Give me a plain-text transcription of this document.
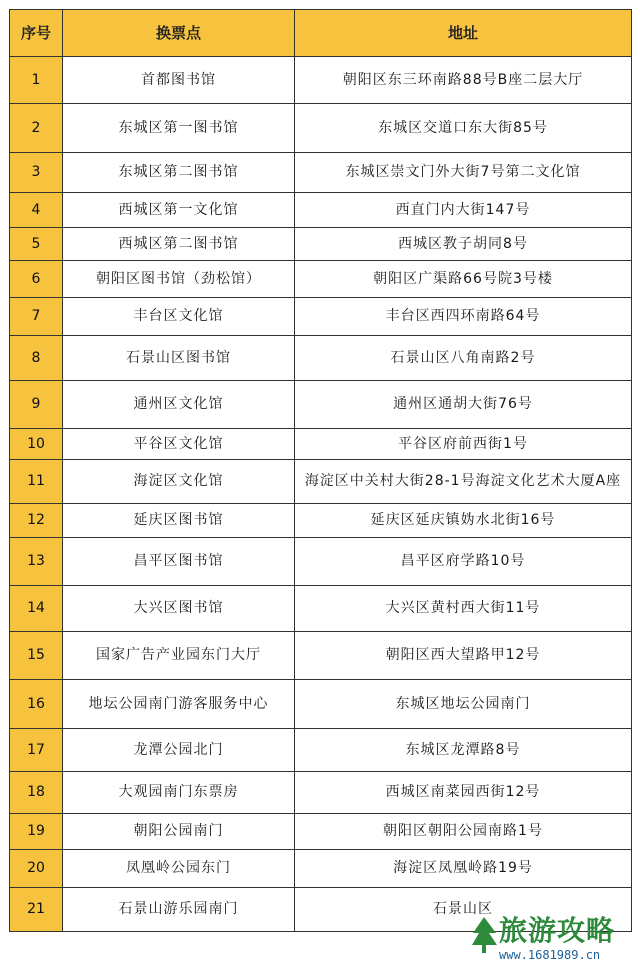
序号	换票点	地址
1	首都图书馆	朝阳区东三环南路88号B座二层大厅
2	东城区第一图书馆	东城区交道口东大街85号
3	东城区第二图书馆	东城区崇文门外大街7号第二文化馆
4	西城区第一文化馆	西直门内大街147号
5	西城区第二图书馆	西城区教子胡同8号
6	朝阳区图书馆（劲松馆）	朝阳区广渠路66号院3号楼
7	丰台区文化馆	丰台区西四环南路64号
8	石景山区图书馆	石景山区八角南路2号
9	通州区文化馆	通州区通胡大街76号
10	平谷区文化馆	平谷区府前西街1号
11	海淀区文化馆	海淀区中关村大街28-1号海淀文化艺术大厦A座
12	延庆区图书馆	延庆区延庆镇妫水北街16号
13	昌平区图书馆	昌平区府学路10号
14	大兴区图书馆	大兴区黄村西大街11号
15	国家广告产业园东门大厅	朝阳区西大望路甲12号
16	地坛公园南门游客服务中心	东城区地坛公园南门
17	龙潭公园北门	东城区龙潭路8号
18	大观园南门东票房	西城区南菜园西街12号
19	朝阳公园南门	朝阳区朝阳公园南路1号
20	凤凰岭公园东门	海淀区凤凰岭路19号
21	石景山游乐园南门	石景山区
旅游攻略
www.1681989.cn
